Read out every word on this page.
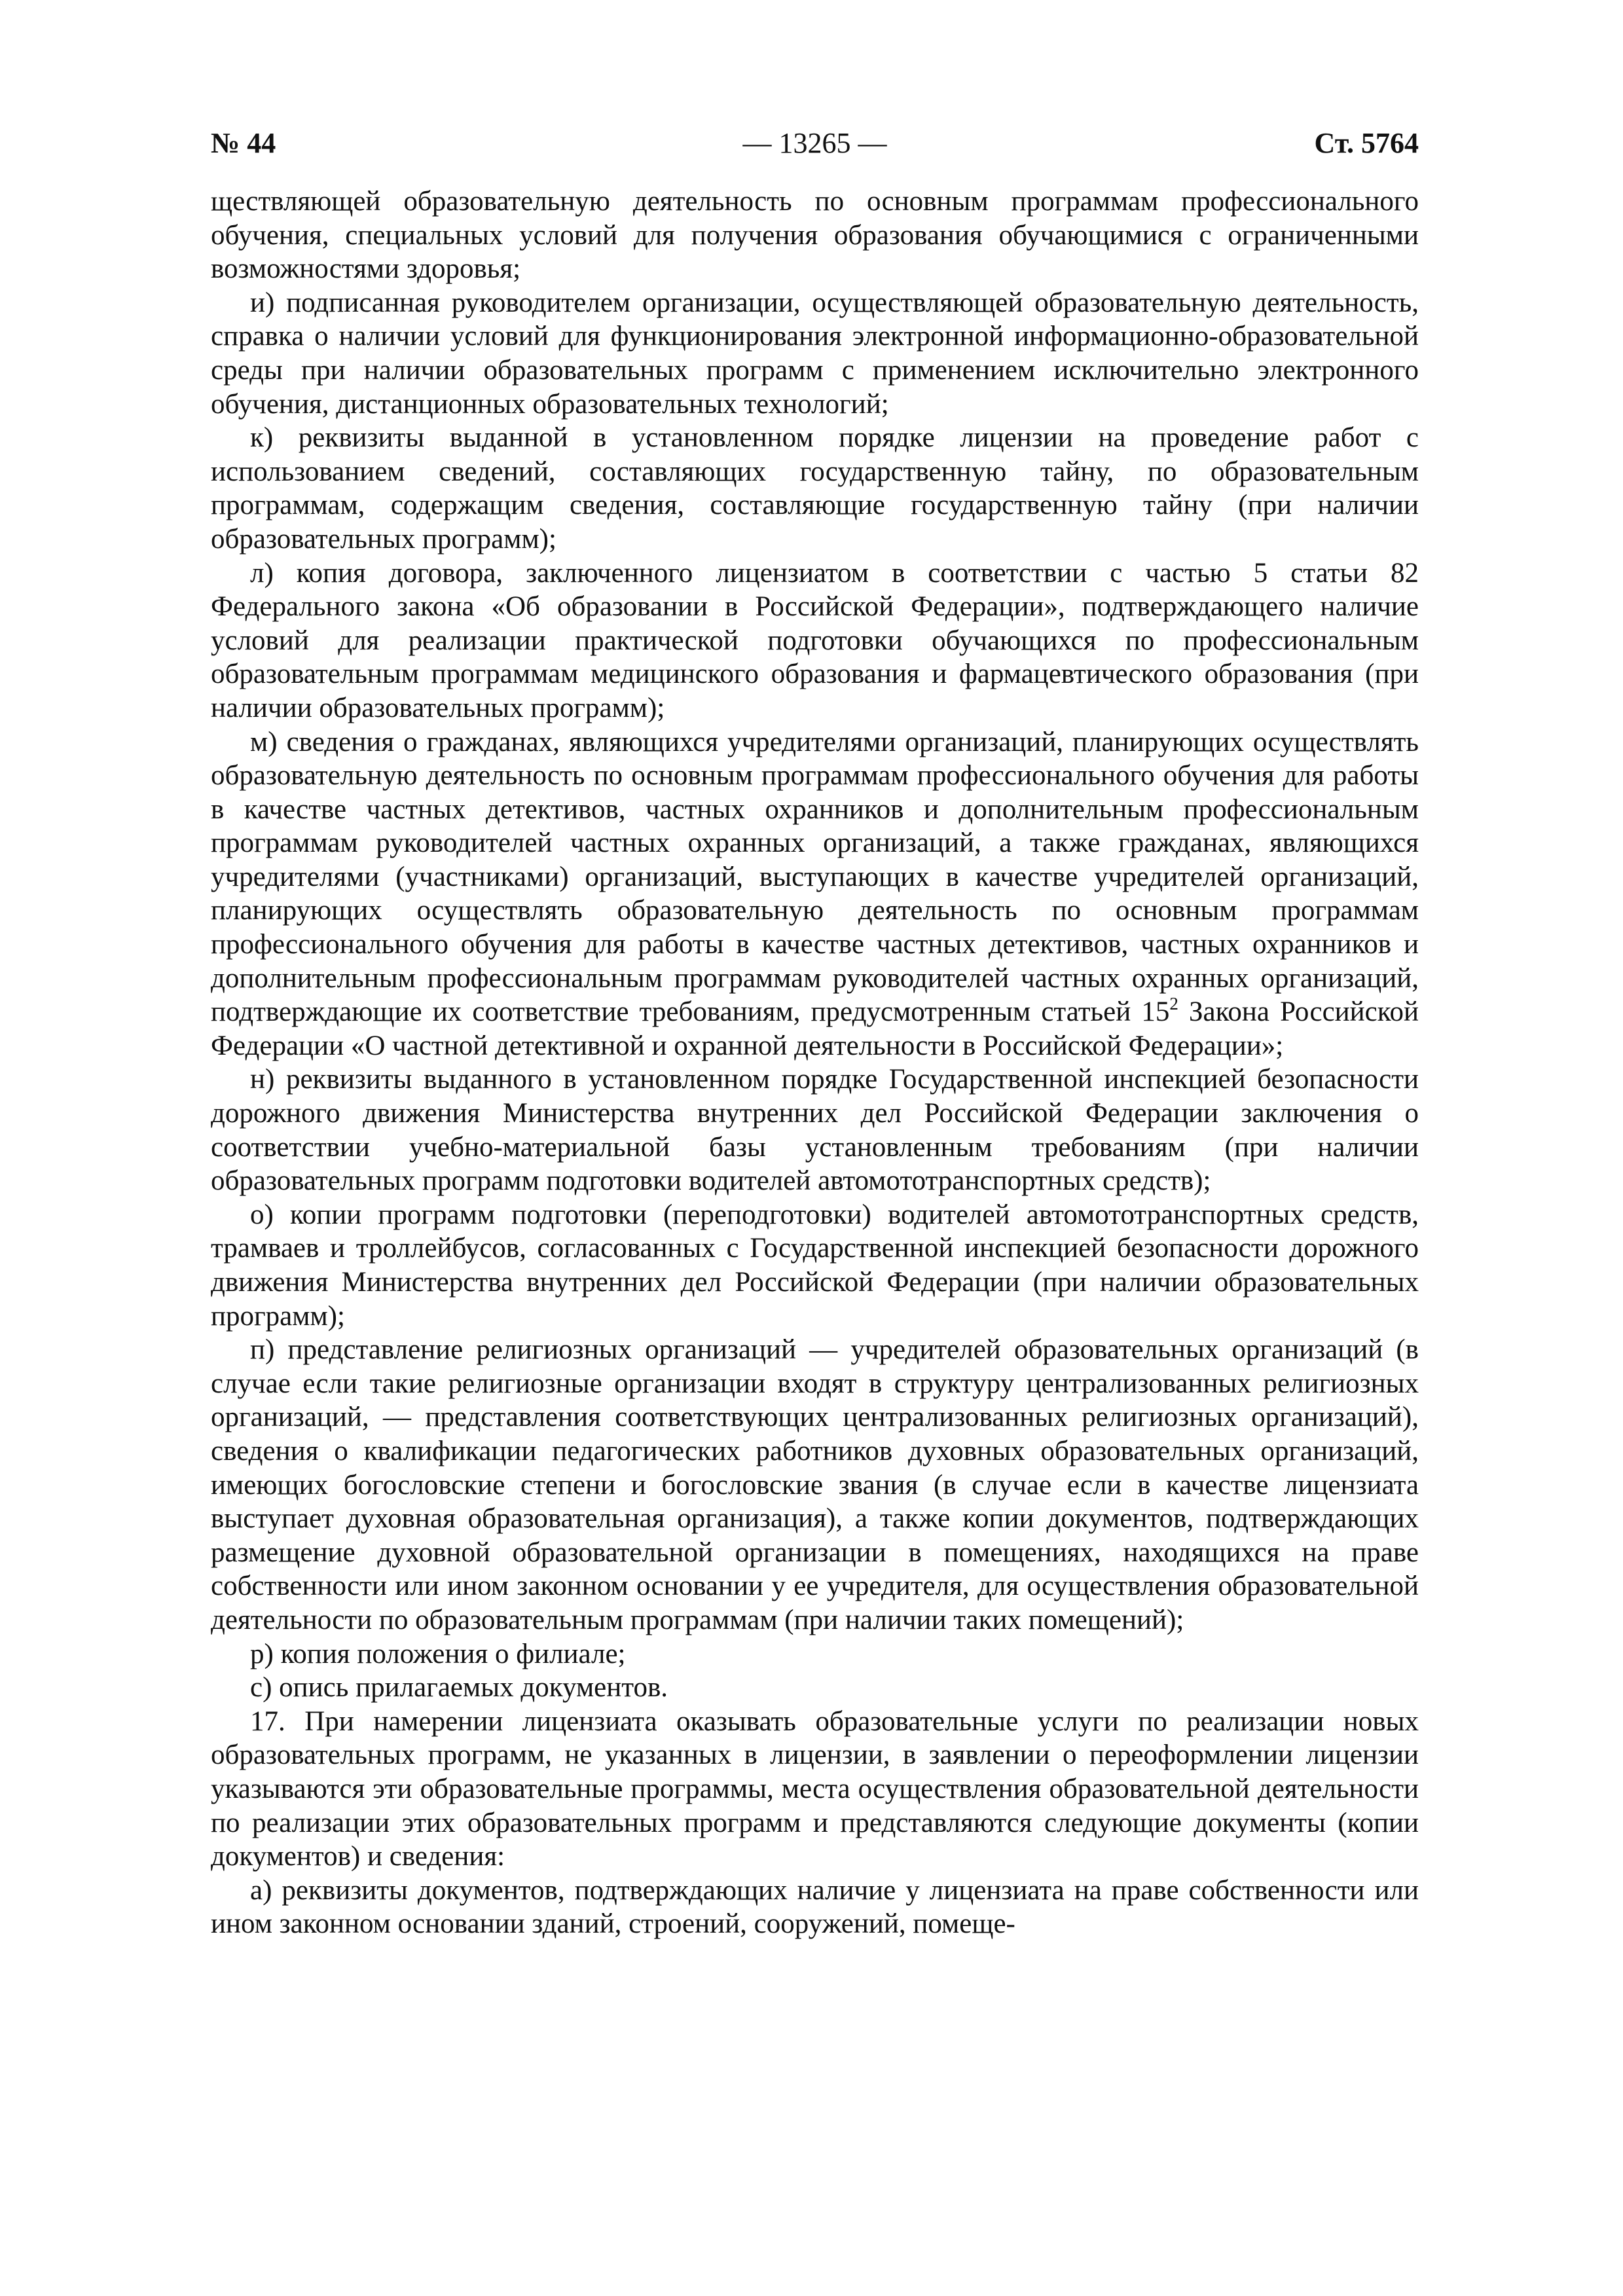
№ 44	— 13265 —	Ст. 5764

ществляющей образовательную деятельность по основным программам профессионального обучения, специальных условий для получения образования обучающимися с ограниченными возможностями здоровья;

и) подписанная руководителем организации, осуществляющей образовательную деятельность, справка о наличии условий для функционирования электронной информационно-образовательной среды при наличии образовательных программ с применением исключительно электронного обучения, дистанционных образовательных технологий;

к) реквизиты выданной в установленном порядке лицензии на проведение работ с использованием сведений, составляющих государственную тайну, по образовательным программам, содержащим сведения, составляющие государственную тайну (при наличии образовательных программ);

л) копия договора, заключенного лицензиатом в соответствии с частью 5 статьи 82 Федерального закона «Об образовании в Российской Федерации», подтверждающего наличие условий для реализации практической подготовки обучающихся по профессиональным образовательным программам медицинского образования и фармацевтического образования (при наличии образовательных программ);

м) сведения о гражданах, являющихся учредителями организаций, планирующих осуществлять образовательную деятельность по основным программам профессионального обучения для работы в качестве частных детективов, частных охранников и дополнительным профессиональным программам руководителей частных охранных организаций, а также гражданах, являющихся учредителями (участниками) организаций, выступающих в качестве учредителей организаций, планирующих осуществлять образовательную деятельность по основным программам профессионального обучения для работы в качестве частных детективов, частных охранников и дополнительным профессиональным программам руководителей частных охранных организаций, подтверждающие их соответствие требованиям, предусмотренным статьей $15^2$ Закона Российской Федерации «О частной детективной и охранной деятельности в Российской Федерации»;

н) реквизиты выданного в установленном порядке Государственной инспекцией безопасности дорожного движения Министерства внутренних дел Российской Федерации заключения о соответствии учебно-материальной базы установленным требованиям (при наличии образовательных программ подготовки водителей автомототранспортных средств);

о) копии программ подготовки (переподготовки) водителей автомототранспортных средств, трамваев и троллейбусов, согласованных с Государственной инспекцией безопасности дорожного движения Министерства внутренних дел Российской Федерации (при наличии образовательных программ);

п) представление религиозных организаций — учредителей образовательных организаций (в случае если такие религиозные организации входят в структуру централизованных религиозных организаций, — представления соответствующих централизованных религиозных организаций), сведения о квалификации педагогических работников духовных образовательных организаций, имеющих богословские степени и богословские звания (в случае если в качестве лицензиата выступает духовная образовательная организация), а также копии документов, подтверждающих размещение духовной образовательной организации в помещениях, находящихся на праве собственности или ином законном основании у ее учредителя, для осуществления образовательной деятельности по образовательным программам (при наличии таких помещений);

р) копия положения о филиале;

с) опись прилагаемых документов.

17. При намерении лицензиата оказывать образовательные услуги по реализации новых образовательных программ, не указанных в лицензии, в заявлении о переоформлении лицензии указываются эти образовательные программы, места осуществления образовательной деятельности по реализации этих образовательных программ и представляются следующие документы (копии документов) и сведения:

а) реквизиты документов, подтверждающих наличие у лицензиата на праве собственности или ином законном основании зданий, строений, сооружений, помеще-
